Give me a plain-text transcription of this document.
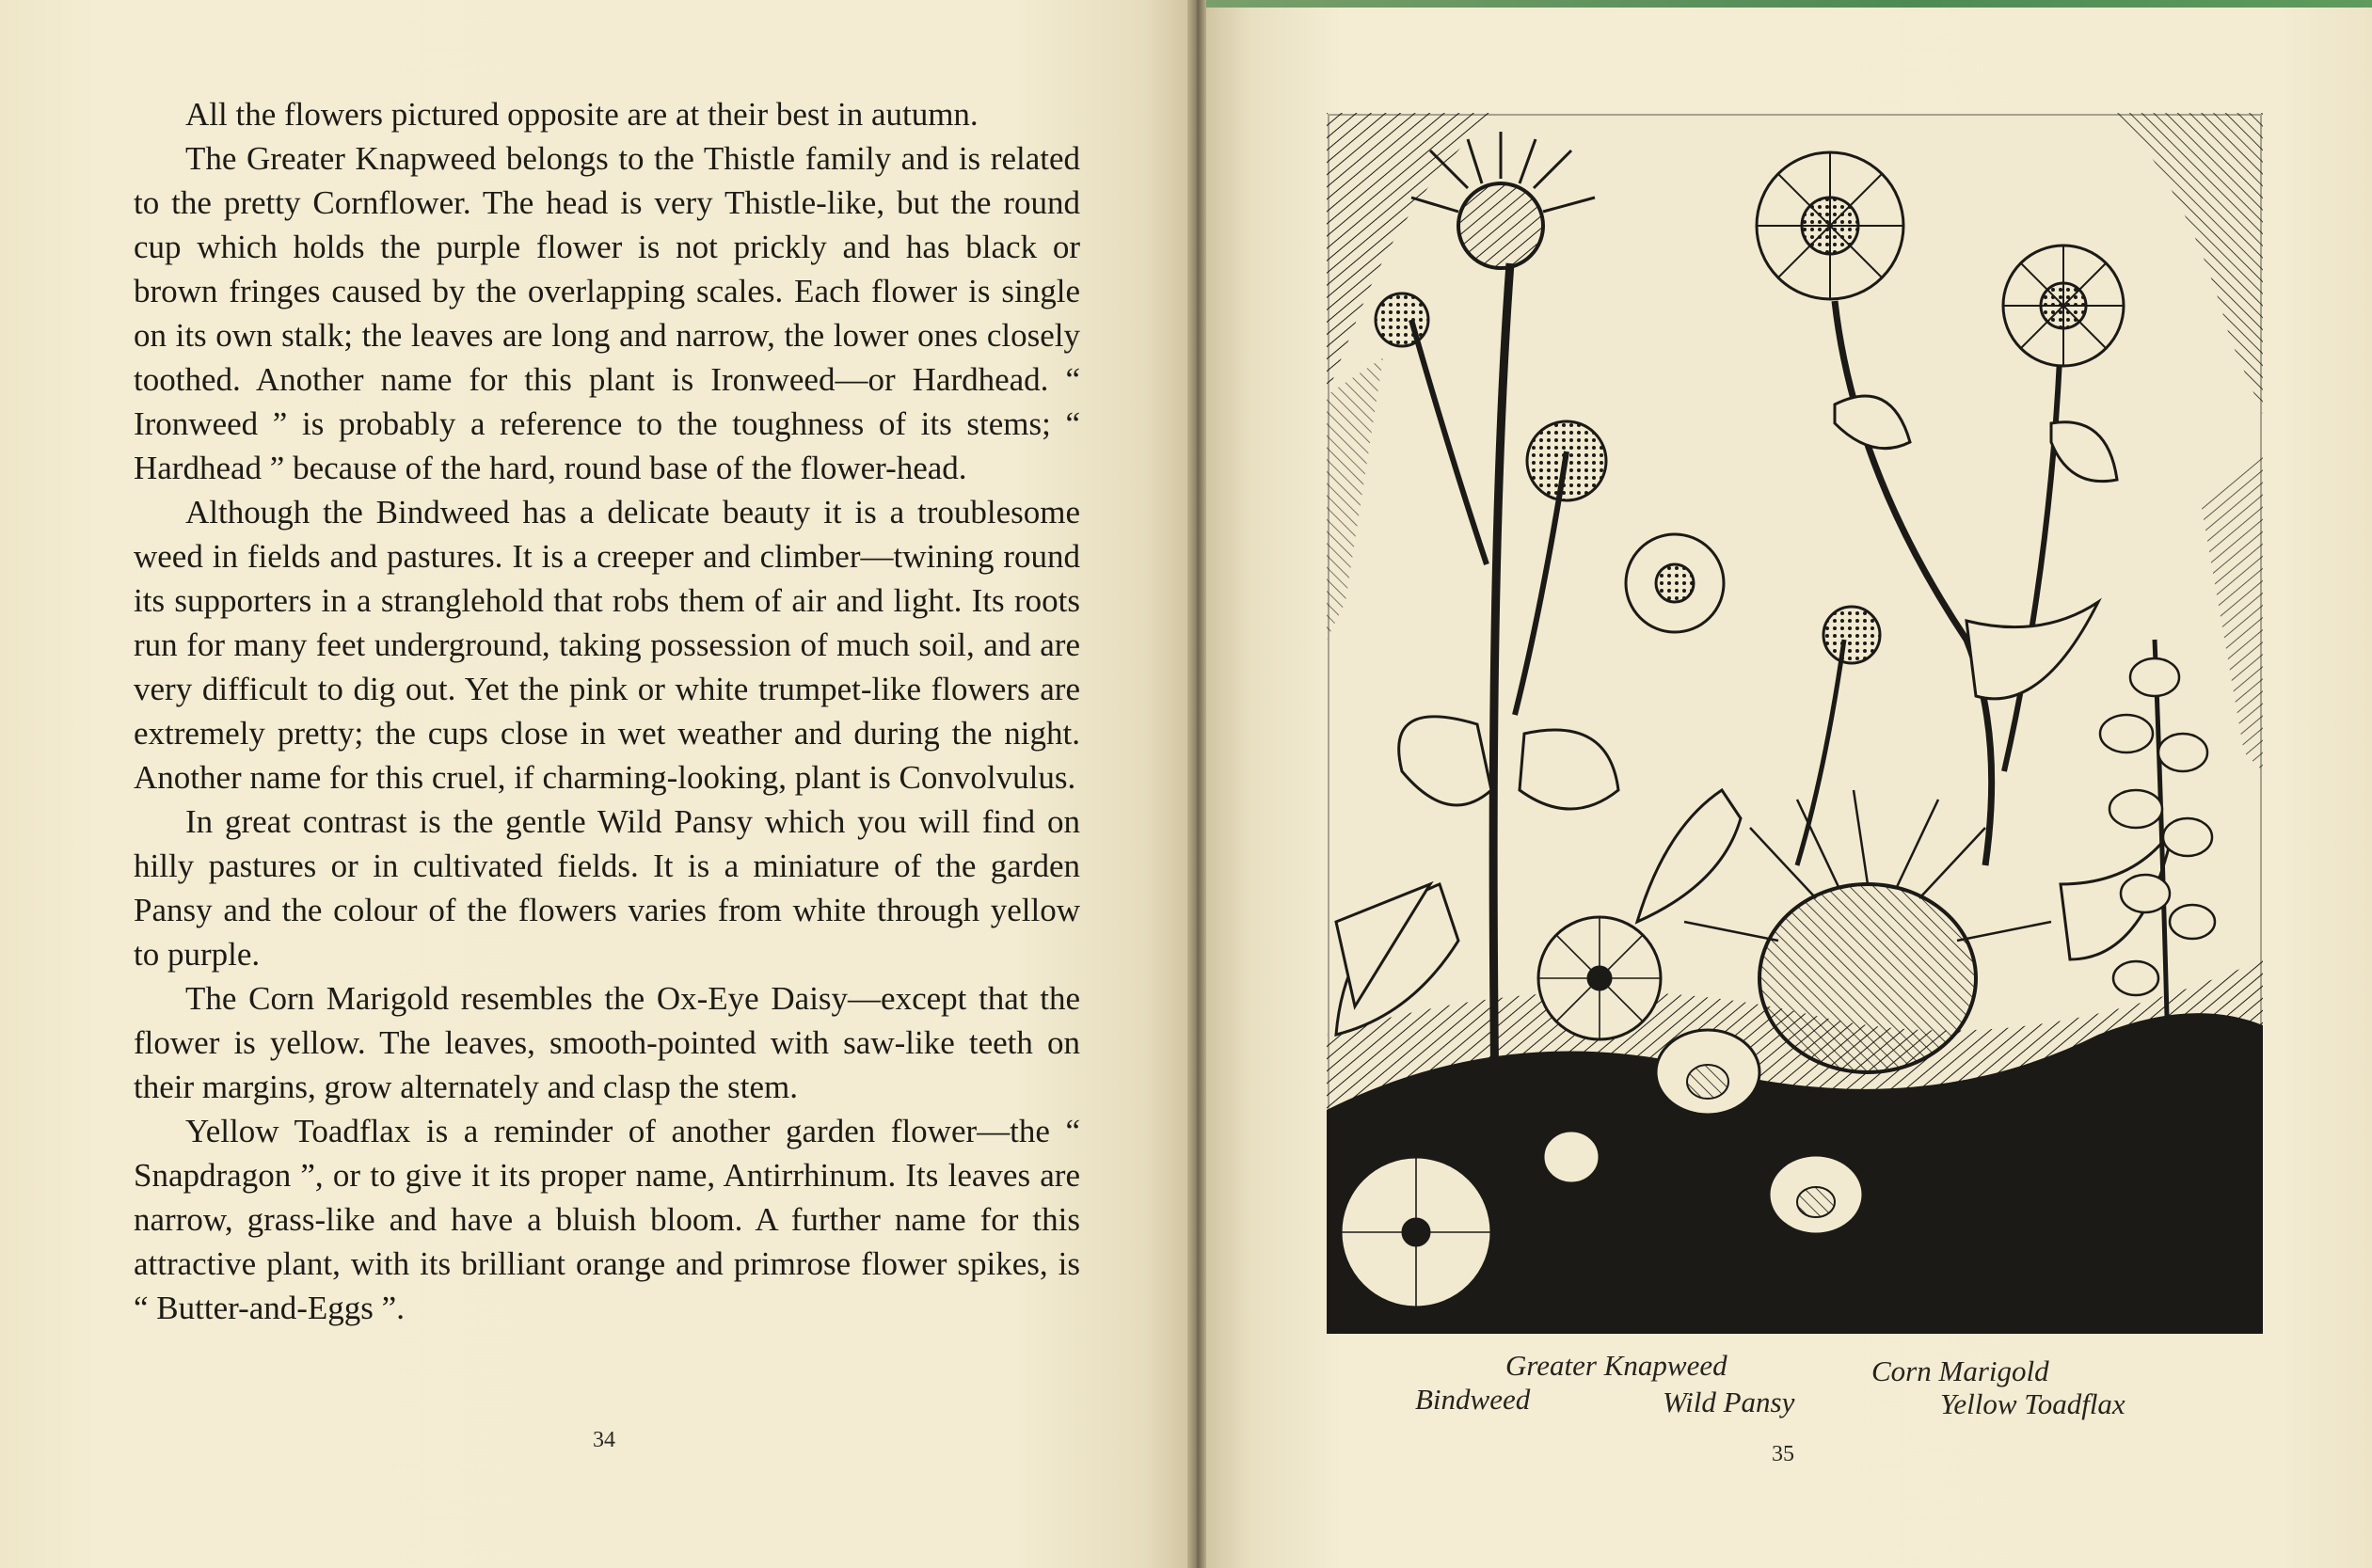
All the flowers pictured opposite are at their best in autumn.

The Greater Knapweed belongs to the Thistle family and is related to the pretty Cornflower. The head is very Thistle-like, but the round cup which holds the purple flower is not prickly and has black or brown fringes caused by the overlapping scales. Each flower is single on its own stalk; the leaves are long and narrow, the lower ones closely toothed. Another name for this plant is Ironweed—or Hardhead. “ Ironweed ” is probably a reference to the toughness of its stems; “ Hardhead ” because of the hard, round base of the flower-head.

Although the Bindweed has a delicate beauty it is a troublesome weed in fields and pastures. It is a creeper and climber—twining round its supporters in a stranglehold that robs them of air and light. Its roots run for many feet underground, taking possession of much soil, and are very difficult to dig out. Yet the pink or white trumpet-like flowers are extremely pretty; the cups close in wet weather and during the night. Another name for this cruel, if charming-looking, plant is Convolvulus.

In great contrast is the gentle Wild Pansy which you will find on hilly pastures or in cultivated fields. It is a miniature of the garden Pansy and the colour of the flowers varies from white through yellow to purple.

The Corn Marigold resembles the Ox-Eye Daisy—except that the flower is yellow. The leaves, smooth-pointed with saw-like teeth on their margins, grow alternately and clasp the stem.

Yellow Toadflax is a reminder of another garden flower—the “ Snapdragon ”, or to give it its proper name, Antirrhinum. Its leaves are narrow, grass-like and have a bluish bloom. A further name for this attractive plant, with its brilliant orange and primrose flower spikes, is “ Butter-and-Eggs ”.

34
Greater Knapweed	Corn Marigold
Bindweed	Wild Pansy	Yellow Toadflax
35
